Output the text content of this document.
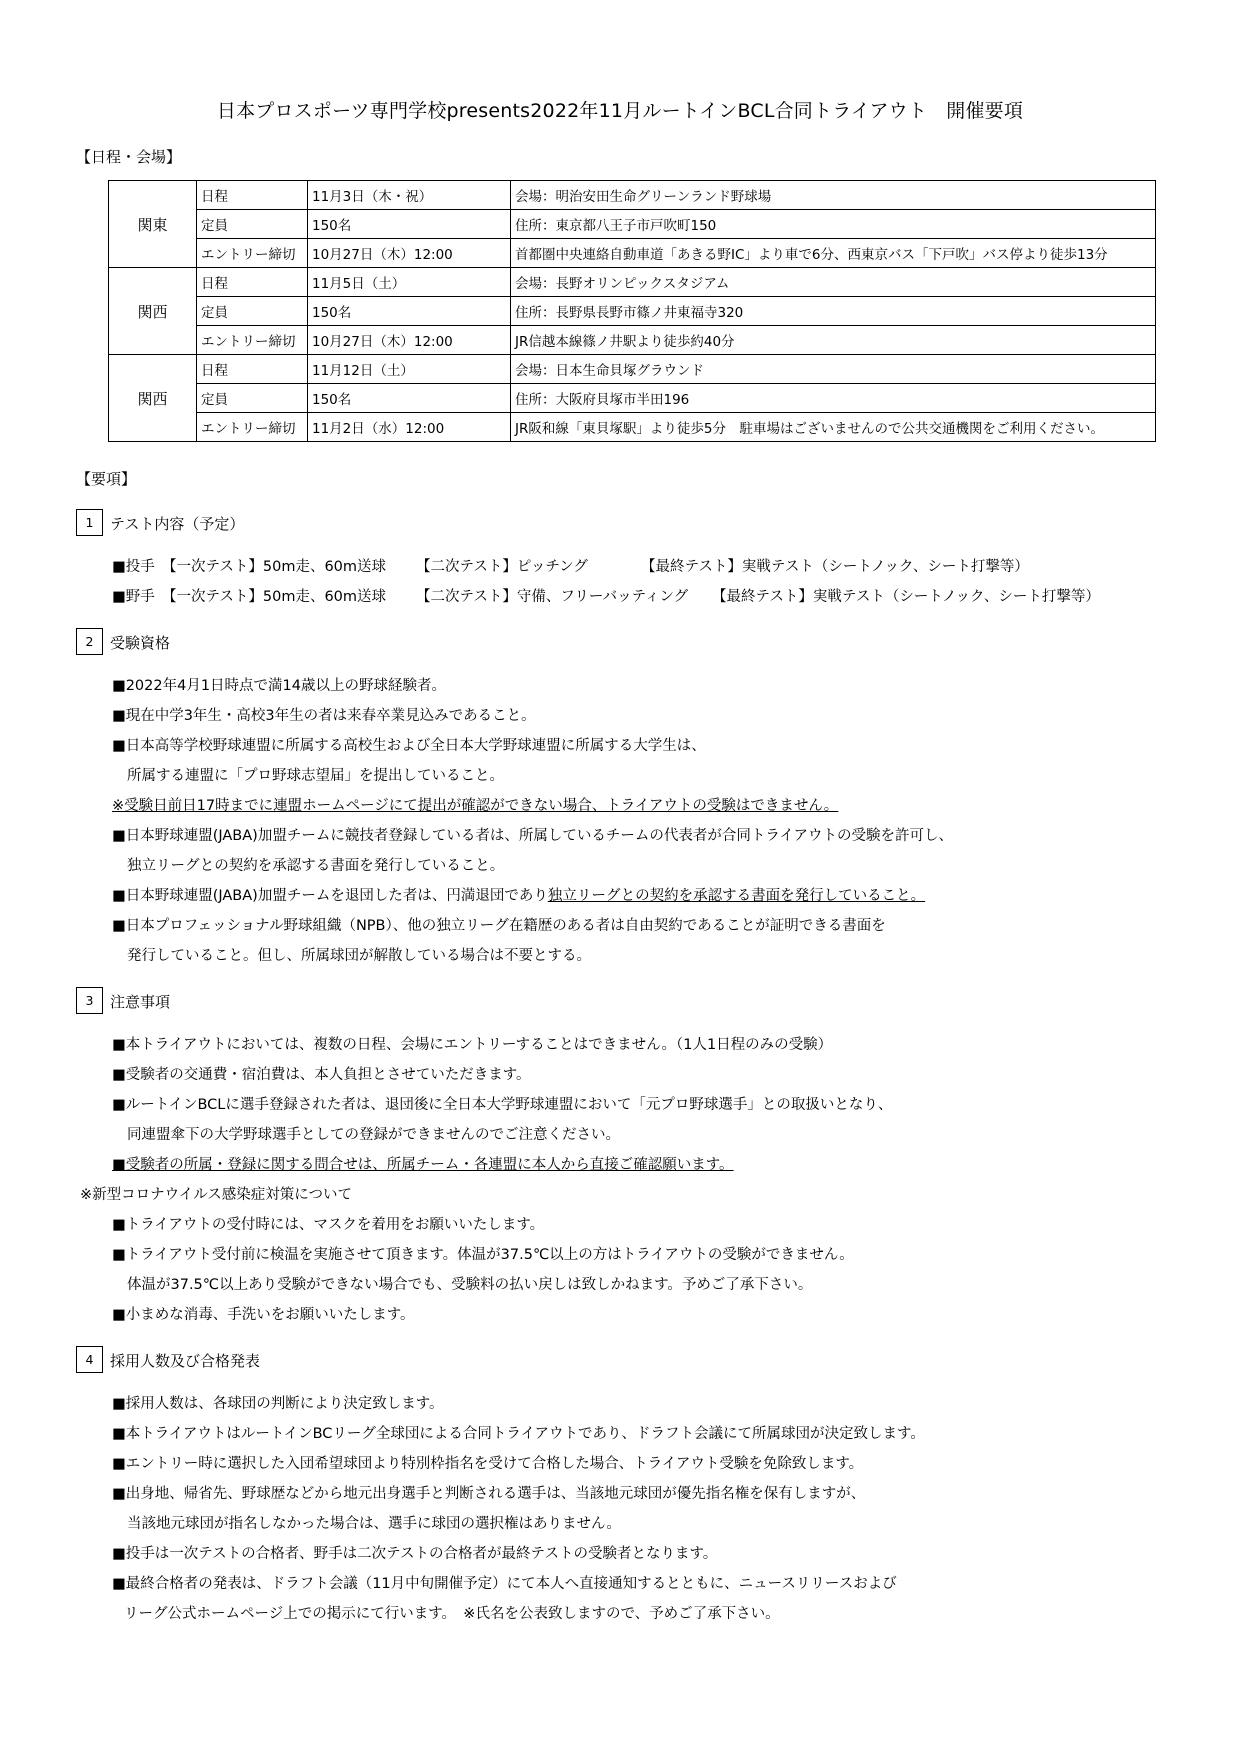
日本プロスポーツ専門学校presents2022年11月ルートインBCL合同トライアウト　開催要項
【日程・会場】
関東	日程	11月3日（木・祝）	会場：明治安田生命グリーンランド野球場
	定員	150名	住所：東京都八王子市戸吹町150
	エントリー締切	10月27日（木）12:00	首都圏中央連絡自動車道「あきる野IC」より車で6分、西東京バス「下戸吹」バス停より徒歩13分
関西	日程	11月5日（土）	会場：長野オリンピックスタジアム
	定員	150名	住所：長野県長野市篠ノ井東福寺320
	エントリー締切	10月27日（木）12:00	JR信越本線篠ノ井駅より徒歩約40分
関西	日程	11月12日（土）	会場：日本生命貝塚グラウンド
	定員	150名	住所：大阪府貝塚市半田196
	エントリー締切	11月2日（水）12:00	JR阪和線「東貝塚駅」より徒歩5分　駐車場はございませんので公共交通機関をご利用ください。
【要項】
1	テスト内容（予定）
■投手　【一次テスト】50m走、60m送球 【二次テスト】ピッチング	【最終テスト】実戦テスト（シートノック、シート打撃等）
■野手　【一次テスト】50m走、60m送球 【二次テスト】守備、フリーバッティング 【最終テスト】実戦テスト（シートノック、シート打撃等）
2	受験資格
■2022年4月1日時点で満14歳以上の野球経験者。
■現在中学3年生・高校3年生の者は来春卒業見込みであること。
■日本高等学校野球連盟に所属する高校生および全日本大学野球連盟に所属する大学生は、
所属する連盟に「プロ野球志望届」を提出していること。
※受験日前日17時までに連盟ホームページにて提出が確認ができない場合、トライアウトの受験はできません。
■日本野球連盟(JABA)加盟チームに競技者登録している者は、所属しているチームの代表者が合同トライアウトの受験を許可し、
独立リーグとの契約を承認する書面を発行していること。
■日本野球連盟(JABA)加盟チームを退団した者は、円満退団であり独立リーグとの契約を承認する書面を発行していること。
■日本プロフェッショナル野球組織（NPB）、他の独立リーグ在籍歴のある者は自由契約であることが証明できる書面を
発行していること。但し、所属球団が解散している場合は不要とする。
3	注意事項
■本トライアウトにおいては、複数の日程、会場にエントリーすることはできません。（1人1日程のみの受験）
■受験者の交通費・宿泊費は、本人負担とさせていただきます。
■ルートインBCLに選手登録された者は、退団後に全日本大学野球連盟において「元プロ野球選手」との取扱いとなり、
同連盟傘下の大学野球選手としての登録ができませんのでご注意ください。
■受験者の所属・登録に関する問合せは、所属チーム・各連盟に本人から直接ご確認願います。
※新型コロナウイルス感染症対策について
■トライアウトの受付時には、マスクを着用をお願いいたします。
■トライアウト受付前に検温を実施させて頂きます。体温が37.5℃以上の方はトライアウトの受験ができません。
体温が37.5℃以上あり受験ができない場合でも、受験料の払い戻しは致しかねます。予めご了承下さい。
■小まめな消毒、手洗いをお願いいたします。
4	採用人数及び合格発表
■採用人数は、各球団の判断により決定致します。
■本トライアウトはルートインBCリーグ全球団による合同トライアウトであり、ドラフト会議にて所属球団が決定致します。
■エントリー時に選択した入団希望球団より特別枠指名を受けて合格した場合、トライアウト受験を免除致します。
■出身地、帰省先、野球歴などから地元出身選手と判断される選手は、当該地元球団が優先指名権を保有しますが、
当該地元球団が指名しなかった場合は、選手に球団の選択権はありません。
■投手は一次テストの合格者、野手は二次テストの合格者が最終テストの受験者となります。
■最終合格者の発表は、ドラフト会議（11月中旬開催予定）にて本人へ直接通知するとともに、ニュースリリースおよび
リーグ公式ホームページ上での掲示にて行います。　※氏名を公表致しますので、予めご了承下さい。
